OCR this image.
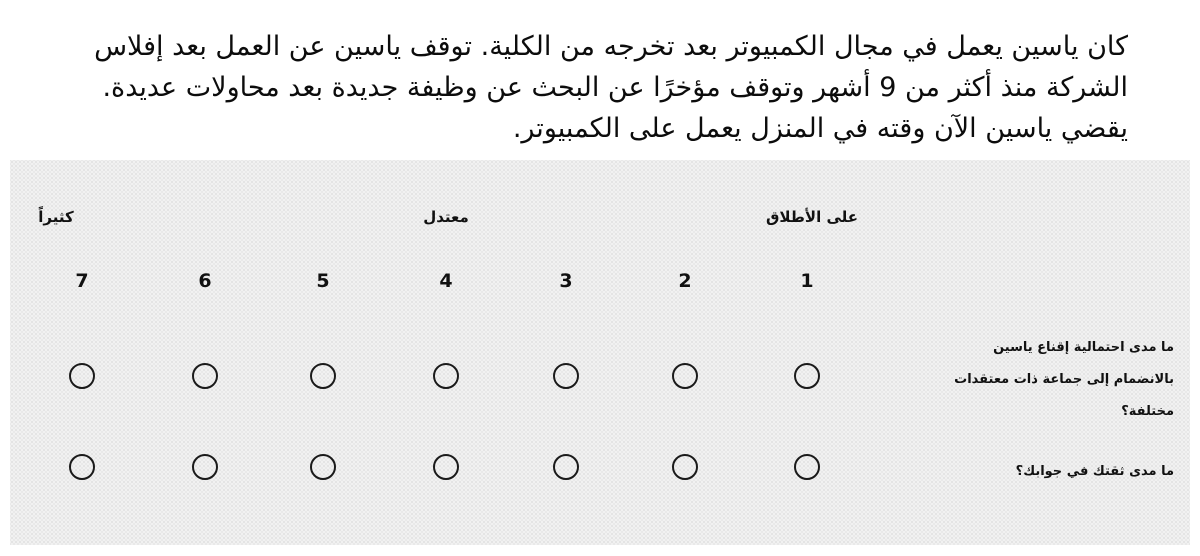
كان ياسين يعمل في مجال الكمبيوتر بعد تخرجه من الكلية. توقف ياسين عن العمل بعد إفلاس

الشركة منذ أكثر من 9 أشهر وتوقف مؤخرًا عن البحث عن وظيفة جديدة بعد محاولات عديدة.

يقضي ياسين الآن وقته في المنزل يعمل على الكمبيوتر.

على الأطلاق
معتدل
كثيراً
1
2
3
4
5
6
7
ما مدى احتمالية إقناع ياسين بالانضمام إلى جماعة ذات معتقدات مختلفة؟
ما مدى ثقتك في جوابك؟
